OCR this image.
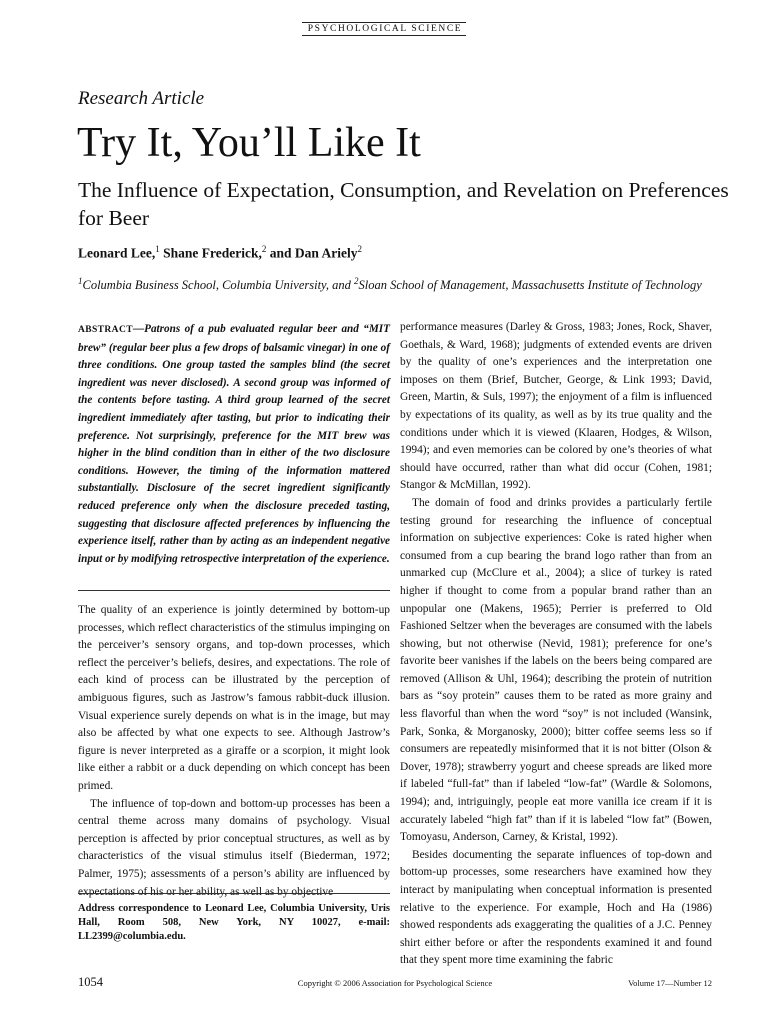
PSYCHOLOGICAL SCIENCE
Research Article
Try It, You’ll Like It
The Influence of Expectation, Consumption, and Revelation on Preferences for Beer
Leonard Lee,$^1$ Shane Frederick,$^2$ and Dan Ariely$^2$
$^1$Columbia Business School, Columbia University, and $^2$Sloan School of Management, Massachusetts Institute of Technology

ABSTRACT—Patrons of a pub evaluated regular beer and “MIT brew” (regular beer plus a few drops of balsamic vinegar) in one of three conditions. One group tasted the samples blind (the secret ingredient was never disclosed). A second group was informed of the contents before tasting. A third group learned of the secret ingredient immediately after tasting, but prior to indicating their preference. Not surprisingly, preference for the MIT brew was higher in the blind condition than in either of the two disclosure conditions. However, the timing of the information mattered substantially. Disclosure of the secret ingredient significantly reduced preference only when the disclosure preceded tasting, suggesting that disclosure affected preferences by influencing the experience itself, rather than by acting as an independent negative input or by modifying retrospective interpretation of the experience.

The quality of an experience is jointly determined by bottom-up processes, which reflect characteristics of the stimulus impinging on the perceiver’s sensory organs, and top-down processes, which reflect the perceiver’s beliefs, desires, and expectations. The role of each kind of process can be illustrated by the perception of ambiguous figures, such as Jastrow’s famous rabbit-duck illusion. Visual experience surely depends on what is in the image, but may also be affected by what one expects to see. Although Jastrow’s figure is never interpreted as a giraffe or a scorpion, it might look like either a rabbit or a duck depending on which concept has been primed.

The influence of top-down and bottom-up processes has been a central theme across many domains of psychology. Visual perception is affected by prior conceptual structures, as well as by characteristics of the visual stimulus itself (Biederman, 1972; Palmer, 1975); assessments of a person’s ability are influenced by expectations of his or her ability, as well as by objective

Address correspondence to Leonard Lee, Columbia University, Uris Hall, Room 508, New York, NY 10027, e-mail: LL2399@columbia.edu.

performance measures (Darley & Gross, 1983; Jones, Rock, Shaver, Goethals, & Ward, 1968); judgments of extended events are driven by the quality of one’s experiences and the interpretation one imposes on them (Brief, Butcher, George, & Link 1993; David, Green, Martin, & Suls, 1997); the enjoyment of a film is influenced by expectations of its quality, as well as by its true quality and the conditions under which it is viewed (Klaaren, Hodges, & Wilson, 1994); and even memories can be colored by one’s theories of what should have occurred, rather than what did occur (Cohen, 1981; Stangor & McMillan, 1992).

The domain of food and drinks provides a particularly fertile testing ground for researching the influence of conceptual information on subjective experiences: Coke is rated higher when consumed from a cup bearing the brand logo rather than from an unmarked cup (McClure et al., 2004); a slice of turkey is rated higher if thought to come from a popular brand rather than an unpopular one (Makens, 1965); Perrier is preferred to Old Fashioned Seltzer when the beverages are consumed with the labels showing, but not otherwise (Nevid, 1981); preference for one’s favorite beer vanishes if the labels on the beers being compared are removed (Allison & Uhl, 1964); describing the protein of nutrition bars as “soy protein” causes them to be rated as more grainy and less flavorful than when the word “soy” is not included (Wansink, Park, Sonka, & Morganosky, 2000); bitter coffee seems less so if consumers are repeatedly misinformed that it is not bitter (Olson & Dover, 1978); strawberry yogurt and cheese spreads are liked more if labeled “full-fat” than if labeled “low-fat” (Wardle & Solomons, 1994); and, intriguingly, people eat more vanilla ice cream if it is accurately labeled “high fat” than if it is labeled “low fat” (Bowen, Tomoyasu, Anderson, Carney, & Kristal, 1992).

Besides documenting the separate influences of top-down and bottom-up processes, some researchers have examined how they interact by manipulating when conceptual information is presented relative to the experience. For example, Hoch and Ha (1986) showed respondents ads exaggerating the qualities of a J.C. Penney shirt either before or after the respondents examined it and found that they spent more time examining the fabric

1054	Copyright © 2006 Association for Psychological Science	Volume 17—Number 12
